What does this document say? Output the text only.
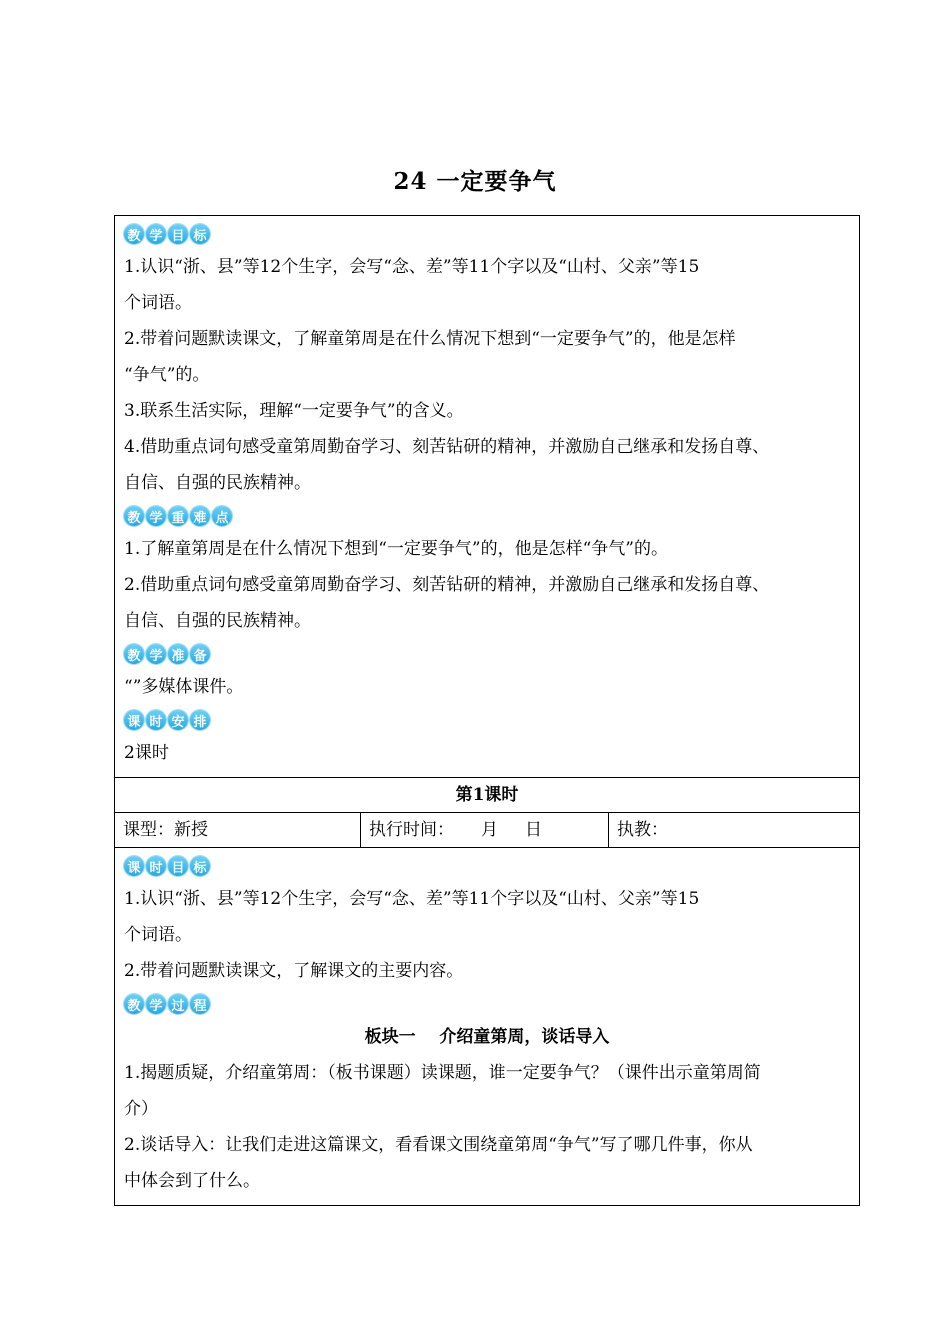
24 一定要争气
教 学 目 标
1.认识“浙、县”等12个生字，会写“念、差”等11个字以及“山村、父亲”等15
个词语。
2.带着问题默读课文，了解童第周是在什么情况下想到“一定要争气”的，他是怎样
“争气”的。
3.联系生活实际，理解“一定要争气”的含义。
4.借助重点词句感受童第周勤奋学习、刻苦钻研的精神，并激励自己继承和发扬自尊、
自信、自强的民族精神。
教 学 重 难 点
1.了解童第周是在什么情况下想到“一定要争气”的，他是怎样“争气”的。
2.借助重点词句感受童第周勤奋学习、刻苦钻研的精神，并激励自己继承和发扬自尊、
自信、自强的民族精神。
教 学 准 备
“”多媒体课件。
课 时 安 排
2课时
第1课时
课型：新授	执行时间：     月     日	执教：
课 时 目 标
1.认识“浙、县”等12个生字，会写“念、差”等11个字以及“山村、父亲”等15
个词语。
2.带着问题默读课文，了解课文的主要内容。
教 学 过 程
板块一    介绍童第周，谈话导入
1.揭题质疑，介绍童第周：（板书课题）读课题，谁一定要争气？（课件出示童第周简
介）
2.谈话导入：让我们走进这篇课文，看看课文围绕童第周“争气”写了哪几件事，你从
中体会到了什么。
